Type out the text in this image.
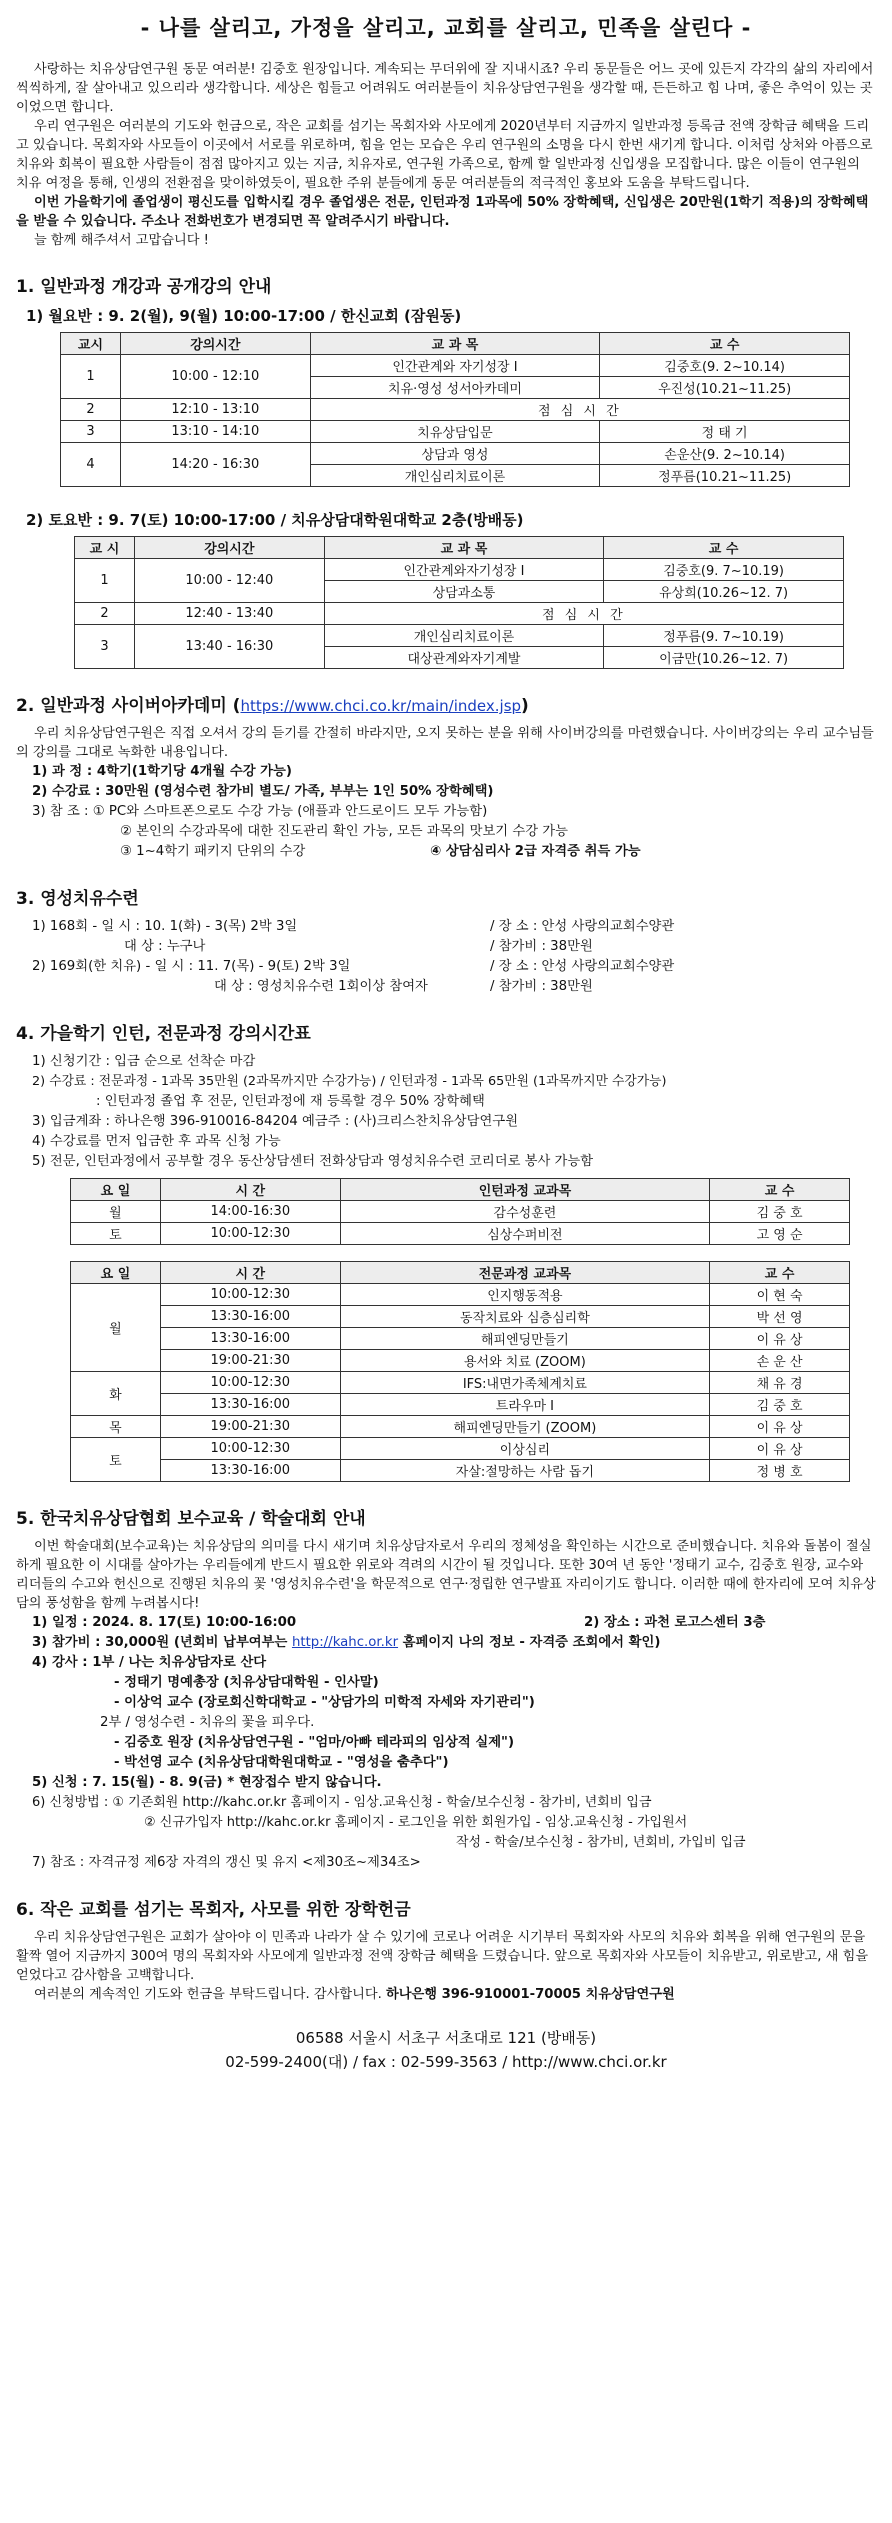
- 나를 살리고, 가정을 살리고, 교회를 살리고, 민족을 살린다 -

사랑하는 치유상담연구원 동문 여러분! 김중호 원장입니다. 계속되는 무더위에 잘 지내시죠? 우리 동문들은 어느 곳에 있든지 각각의 삶의 자리에서 씩씩하게, 잘 살아내고 있으리라 생각합니다. 세상은 힘들고 어려워도 여러분들이 치유상담연구원을 생각할 때, 든든하고 힘 나며, 좋은 추억이 있는 곳이었으면 합니다.

우리 연구원은 여러분의 기도와 헌금으로, 작은 교회를 섬기는 목회자와 사모에게 2020년부터 지금까지 일반과정 등록금 전액 장학금 혜택을 드리고 있습니다. 목회자와 사모들이 이곳에서 서로를 위로하며, 힘을 얻는 모습은 우리 연구원의 소명을 다시 한번 새기게 합니다. 이처럼 상처와 아픔으로 치유와 회복이 필요한 사람들이 점점 많아지고 있는 지금, 치유자로, 연구원 가족으로, 함께 할 일반과정 신입생을 모집합니다. 많은 이들이 연구원의 치유 여정을 통해, 인생의 전환점을 맞이하였듯이, 필요한 주위 분들에게 동문 여러분들의 적극적인 홍보와 도움을 부탁드립니다.

이번 가을학기에 졸업생이 평신도를 입학시킬 경우 졸업생은 전문, 인턴과정 1과목에 50% 장학혜택, 신입생은 20만원(1학기 적용)의 장학혜택을 받을 수 있습니다. 주소나 전화번호가 변경되면 꼭 알려주시기 바랍니다.

늘 함께 해주셔서 고맙습니다 !

1. 일반과정 개강과 공개강의 안내
1) 월요반 : 9. 2(월), 9(월) 10:00-17:00 / 한신교회 (잠원동)
교시	강의시간	교 과 목	교 수
1	10:00 - 12:10	인간관계와 자기성장 I	김중호(9. 2~10.14)
		치유·영성 성서아카데미	우진성(10.21~11.25)
2	12:10 - 13:10	점 심 시 간	
3	13:10 - 14:10	치유상담입문	정 태 기
4	14:20 - 16:30	상담과 영성	손운산(9. 2~10.14)
		개인심리치료이론	정푸름(10.21~11.25)
2) 토요반 : 9. 7(토) 10:00-17:00 / 치유상담대학원대학교 2층(방배동)
교 시	강의시간	교 과 목	교 수
1	10:00 - 12:40	인간관계와자기성장 I	김중호(9. 7~10.19)
		상담과소통	유상희(10.26~12. 7)
2	12:40 - 13:40	점 심 시 간	
3	13:40 - 16:30	개인심리치료이론	정푸름(9. 7~10.19)
		대상관계와자기계발	이금만(10.26~12. 7)
2. 일반과정 사이버아카데미 (https://www.chci.co.kr/main/index.jsp)

우리 치유상담연구원은 직접 오셔서 강의 듣기를 간절히 바라지만, 오지 못하는 분을 위해 사이버강의를 마련했습니다. 사이버강의는 우리 교수님들의 강의를 그대로 녹화한 내용입니다.

1) 과 정 : 4학기(1학기당 4개월 수강 가능)

2) 수강료 : 30만원 (영성수련 참가비 별도/ 가족, 부부는 1인 50% 장학혜택)

3) 참 조 : ① PC와 스마트폰으로도 수강 가능 (애플과 안드로이드 모두 가능함)

② 본인의 수강과목에 대한 진도관리 확인 가능, 모든 과목의 맛보기 수강 가능

③ 1~4학기 패키지 단위의 수강	④ 상담심리사 2급 자격증 취득 가능

3. 영성치유수련

1) 168회 - 일 시 : 10. 1(화) - 3(목) 2박 3일	/ 장 소 : 안성 사랑의교회수양관

대 상 : 누구나	/ 참가비 : 38만원

2) 169회(한 치유) - 일 시 : 11. 7(목) - 9(토) 2박 3일	/ 장 소 : 안성 사랑의교회수양관

대 상 : 영성치유수련 1회이상 참여자	/ 참가비 : 38만원

4. 가을학기 인턴, 전문과정 강의시간표

1) 신청기간 : 입금 순으로 선착순 마감

2) 수강료 : 전문과정 - 1과목 35만원 (2과목까지만 수강가능) / 인턴과정 - 1과목 65만원 (1과목까지만 수강가능)

: 인턴과정 졸업 후 전문, 인턴과정에 재 등록할 경우 50% 장학혜택

3) 입금계좌 : 하나은행 396-910016-84204 예금주 : (사)크리스찬치유상담연구원

4) 수강료를 먼저 입금한 후 과목 신청 가능

5) 전문, 인턴과정에서 공부할 경우 동산상담센터 전화상담과 영성치유수련 코리더로 봉사 가능함

요 일	시 간	인턴과정 교과목	교 수
월	14:00-16:30	감수성훈련	김 중 호
토	10:00-12:30	심상수퍼비전	고 영 순
요 일	시 간	전문과정 교과목	교 수
월	10:00-12:30	인지행동적용	이 현 숙
	13:30-16:00	동작치료와 심층심리학	박 선 영
	13:30-16:00	해피엔딩만들기	이 유 상
	19:00-21:30	용서와 치료 (ZOOM)	손 운 산
화	10:00-12:30	IFS:내면가족체계치료	채 유 경
	13:30-16:00	트라우마 I	김 중 호
목	19:00-21:30	해피엔딩만들기 (ZOOM)	이 유 상
토	10:00-12:30	이상심리	이 유 상
	13:30-16:00	자살:절망하는 사람 돕기	정 병 호
5. 한국치유상담협회 보수교육 / 학술대회 안내

이번 학술대회(보수교육)는 치유상담의 의미를 다시 새기며 치유상담자로서 우리의 정체성을 확인하는 시간으로 준비했습니다. 치유와 돌봄이 절실하게 필요한 이 시대를 살아가는 우리들에게 반드시 필요한 위로와 격려의 시간이 될 것입니다. 또한 30여 년 동안 '정태기 교수, 김중호 원장, 교수와 리더들의 수고와 헌신으로 진행된 치유의 꽃 '영성치유수련'을 학문적으로 연구·정립한 연구발표 자리이기도 합니다. 이러한 때에 한자리에 모여 치유상담의 풍성함을 함께 누려봅시다!

1) 일정 : 2024. 8. 17(토) 10:00-16:00	2) 장소 : 과천 로고스센터 3층

3) 참가비 : 30,000원 (년회비 납부여부는 http://kahc.or.kr 홈페이지 나의 정보 - 자격증 조회에서 확인)

4) 강사 : 1부 / 나는 치유상담자로 산다

- 정태기 명예총장 (치유상담대학원 - 인사말)

- 이상억 교수 (장로회신학대학교 - "상담가의 미학적 자세와 자기관리")

2부 / 영성수련 - 치유의 꽃을 피우다.

- 김중호 원장 (치유상담연구원 - "엄마/아빠 테라피의 임상적 실제")

- 박선영 교수 (치유상담대학원대학교 - "영성을 춤추다")

5) 신청 : 7. 15(월) - 8. 9(금) * 현장접수 받지 않습니다.

6) 신청방법 : ① 기존회원 http://kahc.or.kr 홈페이지 - 임상.교육신청 - 학술/보수신청 - 참가비, 년회비 입금

② 신규가입자 http://kahc.or.kr 홈페이지 - 로그인을 위한 회원가입 - 임상.교육신청 - 가입원서

작성 - 학술/보수신청 - 참가비, 년회비, 가입비 입금

7) 참조 : 자격규정 제6장 자격의 갱신 및 유지 <제30조~제34조>

6. 작은 교회를 섬기는 목회자, 사모를 위한 장학헌금

우리 치유상담연구원은 교회가 살아야 이 민족과 나라가 살 수 있기에 코로나 어려운 시기부터 목회자와 사모의 치유와 회복을 위해 연구원의 문을 활짝 열어 지금까지 300여 명의 목회자와 사모에게 일반과정 전액 장학금 혜택을 드렸습니다. 앞으로 목회자와 사모들이 치유받고, 위로받고, 새 힘을 얻었다고 감사함을 고백합니다.

여러분의 계속적인 기도와 헌금을 부탁드립니다. 감사합니다. 하나은행 396-910001-70005 치유상담연구원

06588 서울시 서초구 서초대로 121 (방배동)
02-599-2400(대) / fax : 02-599-3563 / http://www.chci.or.kr
